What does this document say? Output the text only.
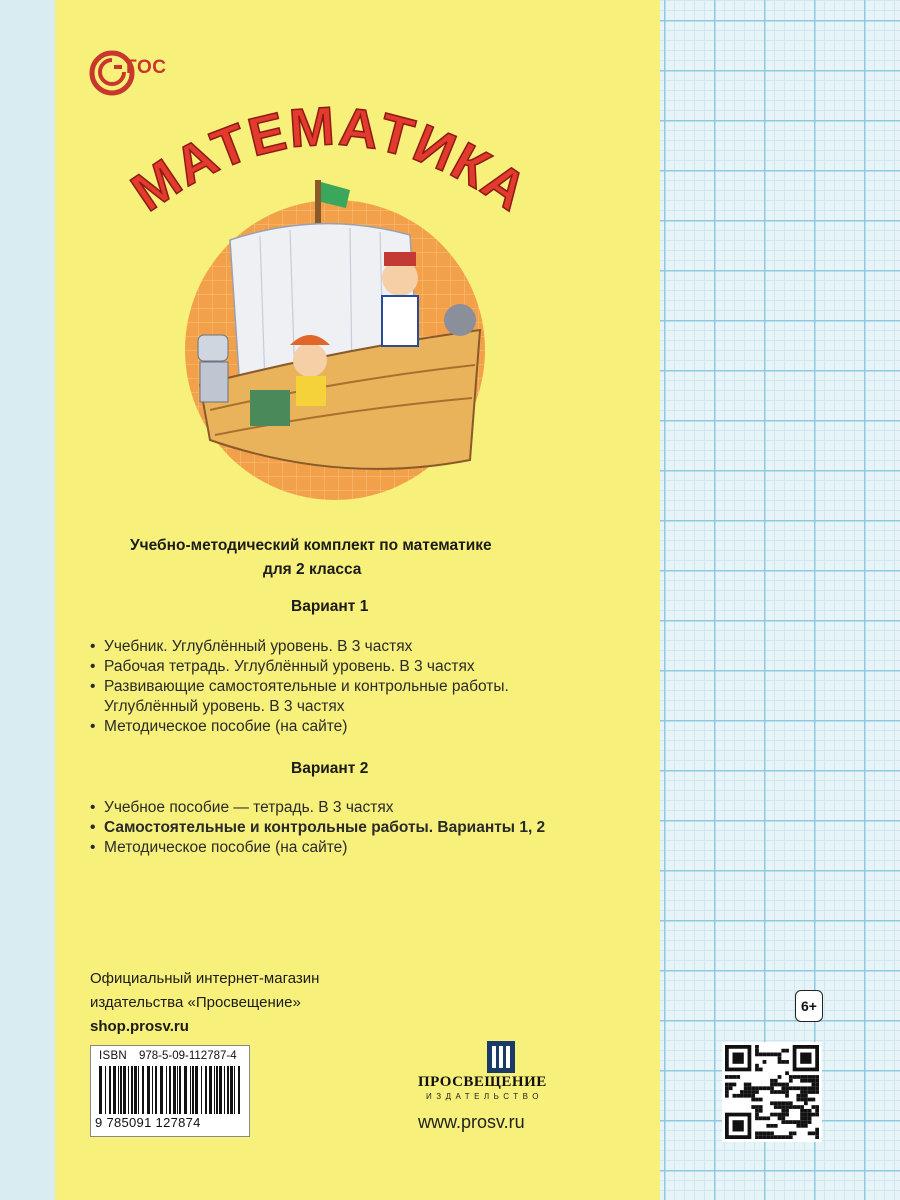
ГОС
МАТЕМАТИКА
Учебно-методический комплект по математике
для 2 класса
Вариант 1
• Учебник. Углублённый уровень. В 3 частях
• Рабочая тетрадь. Углублённый уровень. В 3 частях
• Развивающие самостоятельные и контрольные работы.
Углублённый уровень. В 3 частях
• Методическое пособие (на сайте)
Вариант 2
• Учебное пособие — тетрадь. В 3 частях
• Самостоятельные и контрольные работы. Варианты 1, 2
• Методическое пособие (на сайте)
Официальный интернет-магазин
издательства «Просвещение»
shop.prosv.ru
ISBN 978-5-09-112787-4
9 785091 127874
ПРОСВЕЩЕНИЕ
ИЗДАТЕЛЬСТВО
www.prosv.ru
6+
